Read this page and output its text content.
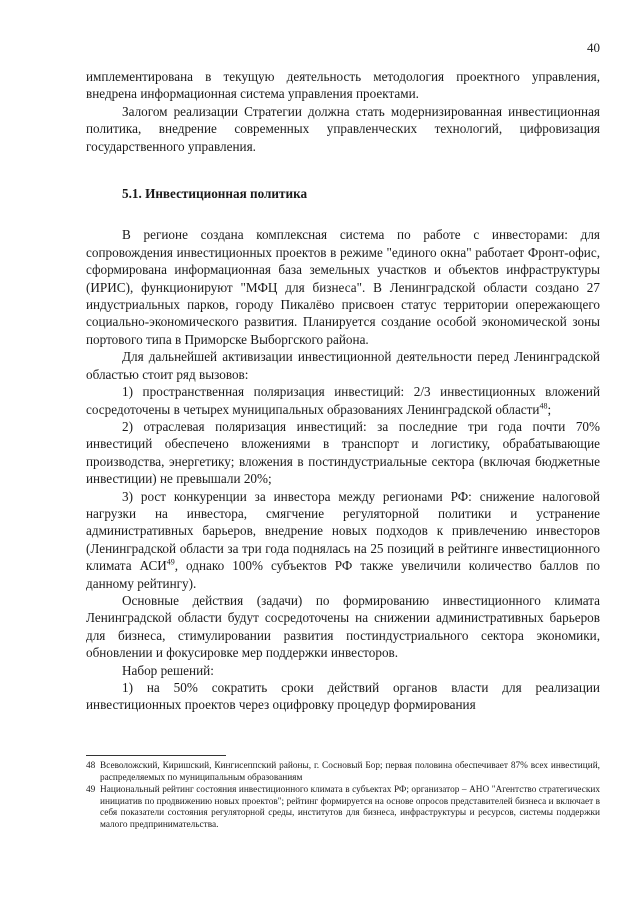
40

имплементирована в текущую деятельность методология проектного управления, внедрена информационная система управления проектами.

Залогом реализации Стратегии должна стать модернизированная инвестиционная политика, внедрение современных управленческих технологий, цифровизация государственного управления.

5.1. Инвестиционная политика

В регионе создана комплексная система по работе с инвесторами: для сопровождения инвестиционных проектов в режиме "единого окна" работает Фронт-офис, сформирована информационная база земельных участков и объектов инфраструктуры (ИРИС), функционируют "МФЦ для бизнеса". В Ленинградской области создано 27 индустриальных парков, городу Пикалёво присвоен статус территории опережающего социально-экономического развития. Планируется создание особой экономической зоны портового типа в Приморске Выборгского района.

Для дальнейшей активизации инвестиционной деятельности перед Ленинградской областью стоит ряд вызовов:

1) пространственная поляризация инвестиций: 2/3 инвестиционных вложений сосредоточены в четырех муниципальных образованиях Ленинградской области$^{48}$;

2) отраслевая поляризация инвестиций: за последние три года почти 70% инвестиций обеспечено вложениями в транспорт и логистику, обрабатывающие производства, энергетику; вложения в постиндустриальные сектора (включая бюджетные инвестиции) не превышали 20%;

3) рост конкуренции за инвестора между регионами РФ: снижение налоговой нагрузки на инвестора, смягчение регуляторной политики и устранение административных барьеров, внедрение новых подходов к привлечению инвесторов (Ленинградской области за три года поднялась на 25 позиций в рейтинге инвестиционного климата АСИ$^{49}$, однако 100% субъектов РФ также увеличили количество баллов по данному рейтингу).

Основные действия (задачи) по формированию инвестиционного климата Ленинградской области будут сосредоточены на снижении административных барьеров для бизнеса, стимулировании развития постиндустриального сектора экономики, обновлении и фокусировке мер поддержки инвесторов.

Набор решений:

1) на 50% сократить сроки действий органов власти для реализации инвестиционных проектов через оцифровку процедур формирования

48 Всеволожский, Киришский, Кингисеппский районы, г. Сосновый Бор; первая половина обеспечивает 87% всех инвестиций, распределяемых по муниципальным образованиям

49 Национальный рейтинг состояния инвестиционного климата в субъектах РФ; организатор – АНО "Агентство стратегических инициатив по продвижению новых проектов"; рейтинг формируется на основе опросов представителей бизнеса и включает в себя показатели состояния регуляторной среды, институтов для бизнеса, инфраструктуры и ресурсов, системы поддержки малого предпринимательства.
